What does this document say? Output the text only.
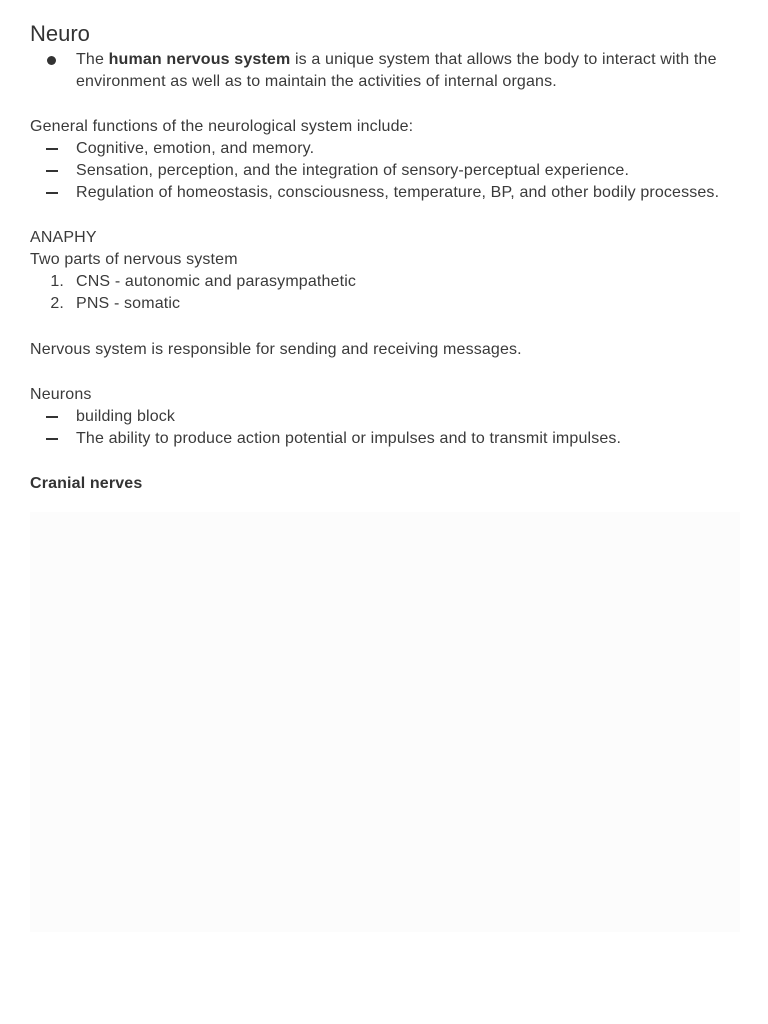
Neuro
The human nervous system is a unique system that allows the body to interact with the environment as well as to maintain the activities of internal organs.
General functions of the neurological system include:
Cognitive, emotion, and memory.
Sensation, perception, and the integration of sensory-perceptual experience.
Regulation of homeostasis, consciousness, temperature, BP, and other bodily processes.
ANAPHY
Two parts of nervous system
1. CNS - autonomic and parasympathetic
2. PNS - somatic
Nervous system is responsible for sending and receiving messages.
Neurons
building block
The ability to produce action potential or impulses and to transmit impulses.
Cranial nerves
